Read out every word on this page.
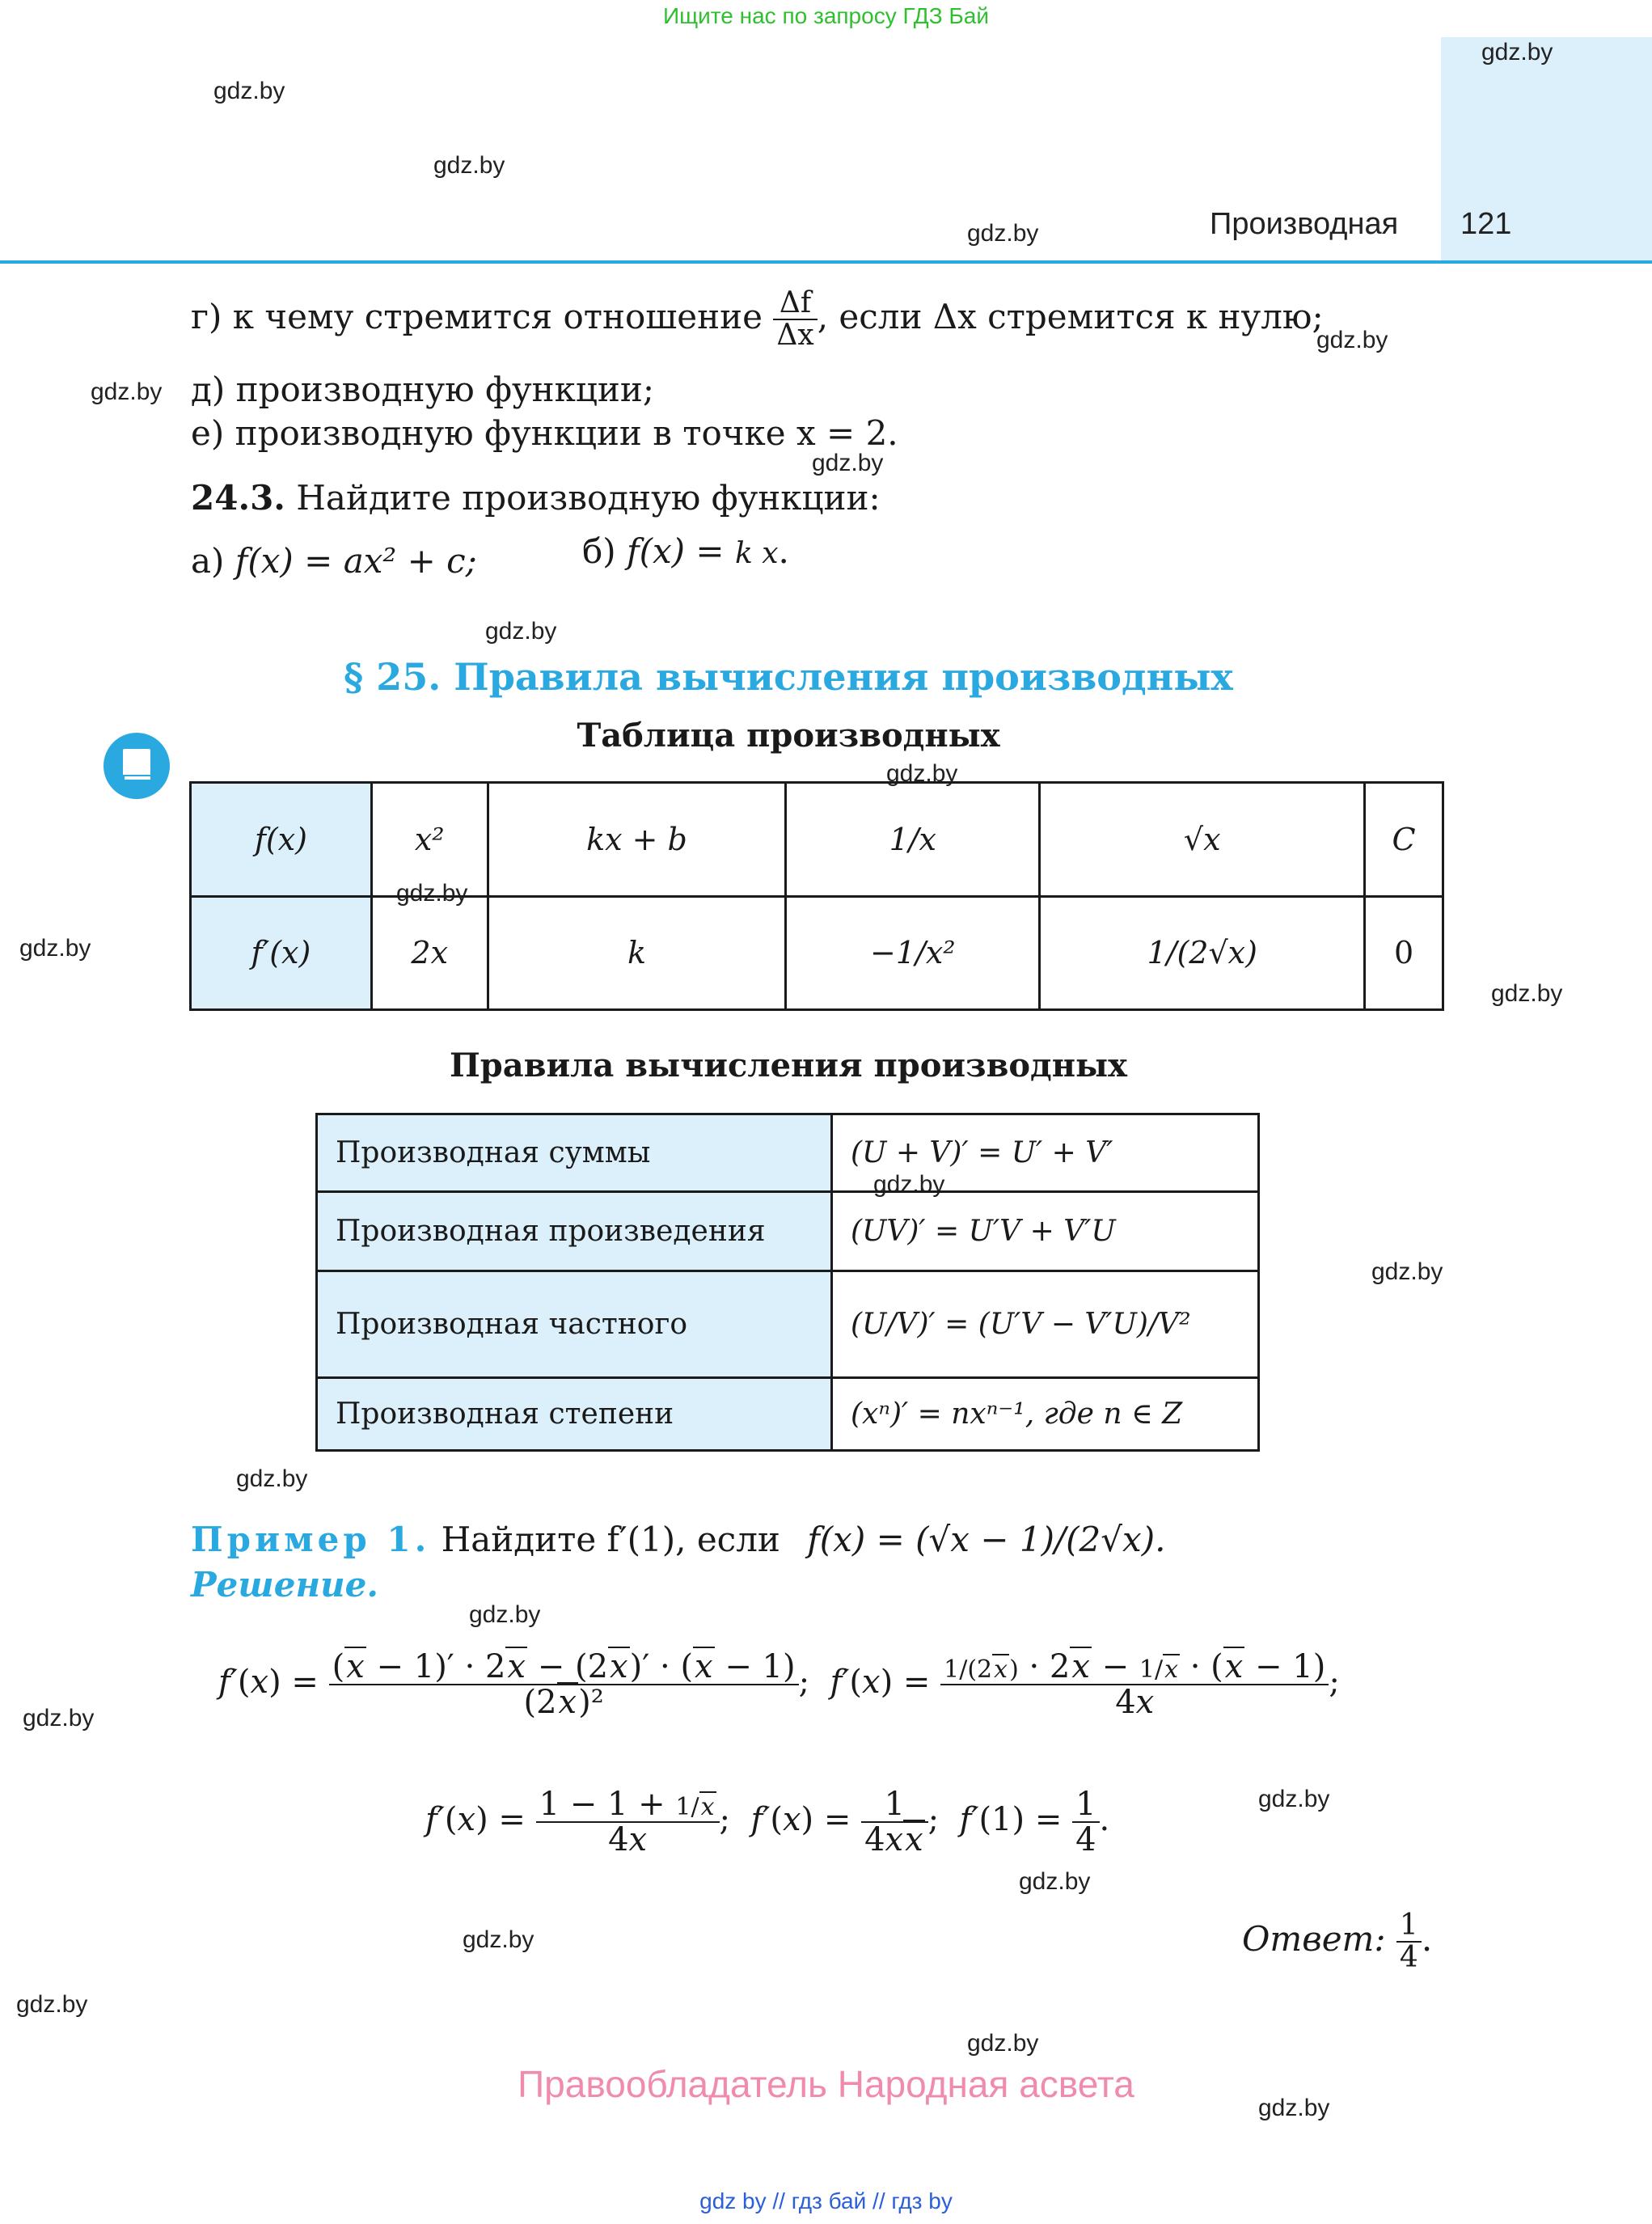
Ищите нас по запросу ГДЗ Бай
Производная 121
gdz.by
gdz.by
gdz.by
gdz.by
gdz.by
gdz.by
gdz.by
gdz.by
gdz.by
gdz.by
gdz.by
gdz.by
gdz.by
gdz.by
gdz.by
gdz.by
gdz.by
gdz.by
gdz.by
gdz.by
gdz.by
gdz.by
gdz.by
г) к чему стремится отношение $\frac{\Delta f}{\Delta x}$ , если Δx стремится к нулю;
д) производную функции;
е) производную функции в точке x = 2.
24.3. Найдите производную функции:
а) f(x) = ax² + c;	б) f(x) = k x.
§ 25. Правила вычисления производных
Таблица производных
f(x)	x²	kx + b	1/x	√x	C
f′(x)	2x	k	−1/x²	1/(2√x)	0
Правила вычисления производных
Производная суммы	(U + V)′ = U′ + V′
Производная произведения	(UV)′ = U′V + V′U
Производная частного	(U/V)′ = (U′V − V′U)/V²
Производная степени	(xⁿ)′ = nxⁿ⁻¹, где n ∈ Z
Пример 1. Найдите f′(1), если f(x) = (√x − 1)/(2√x).
Решение.
$f'(x) = \frac{(x - 1)' \cdot 2x - (2x)' \cdot (x - 1)}{\text{(2x)²}}$ ;  $f'(x) = \frac{1/(2x) \cdot 2x - 1/x \cdot (x - 1)}{4x}$ ;
$f'(x) = \frac{1 - 1 + 1/x}{4x}$ ;  $f'(x) = \frac{1}{4xx}$ ;  $f'(1) = \frac{1}{4}$ .
Ответ: $\frac{1}{4}$ .
Правообладатель Народная асвета
gdz by // гдз бай // гдз by
